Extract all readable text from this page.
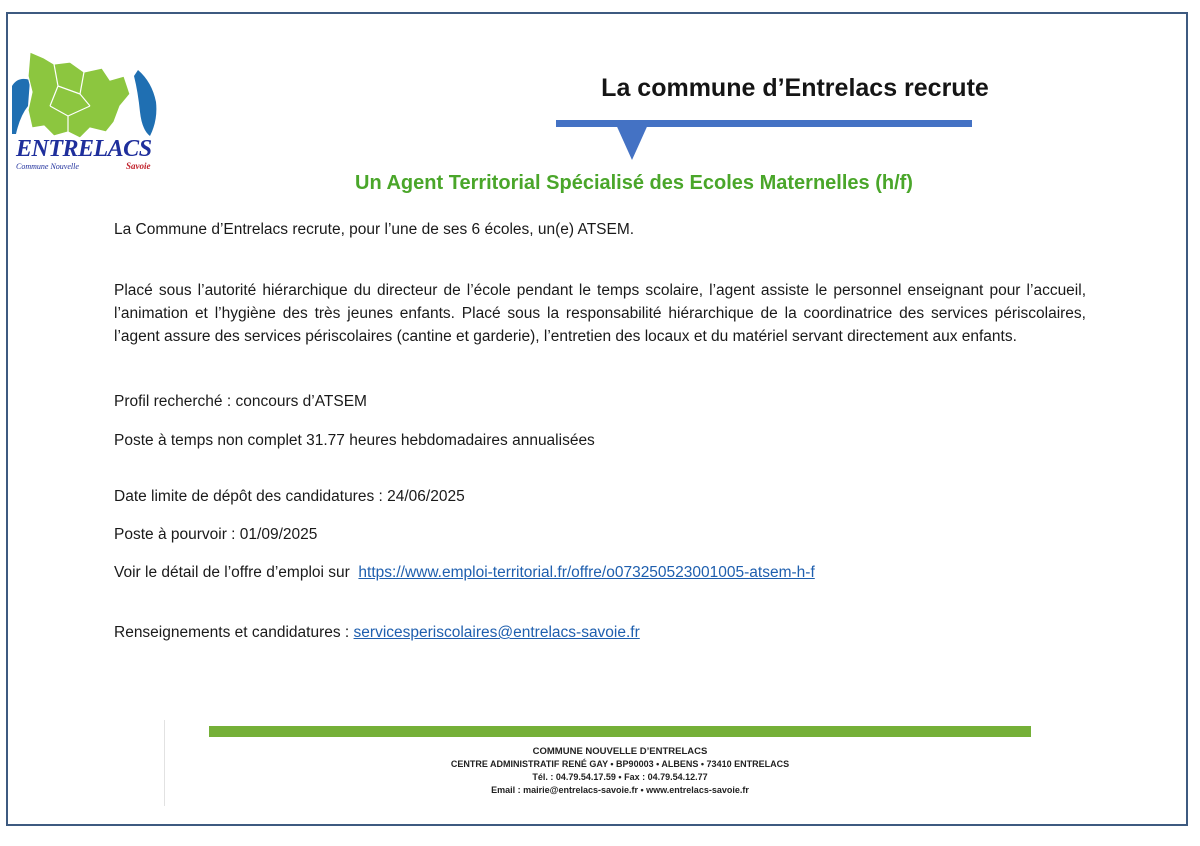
ENTRELACS
Commune Nouvelle	Savoie
La commune d’Entrelacs recrute
Un Agent Territorial Spécialisé des Ecoles Maternelles (h/f)

La Commune d’Entrelacs recrute, pour l’une de ses 6 écoles, un(e) ATSEM.

Placé sous l’autorité hiérarchique du directeur de l’école pendant le temps scolaire, l’agent assiste le personnel enseignant pour l’accueil, l’animation et l’hygiène des très jeunes enfants. Placé sous la responsabilité hiérarchique de la coordinatrice des services périscolaires, l’agent assure des services périscolaires (cantine et garderie), l’entretien des locaux et du matériel servant directement aux enfants.

Profil recherché : concours d’ATSEM

Poste à temps non complet 31.77 heures hebdomadaires annualisées

Date limite de dépôt des candidatures : 24/06/2025

Poste à pourvoir : 01/09/2025

Voir le détail de l’offre d’emploi sur https://www.emploi-territorial.fr/offre/o073250523001005-atsem-h-f

Renseignements et candidatures : servicesperiscolaires@entrelacs-savoie.fr

COMMUNE NOUVELLE D’ENTRELACS
CENTRE ADMINISTRATIF RENÉ GAY • BP90003 • ALBENS • 73410 ENTRELACS
Tél. : 04.79.54.17.59 • Fax : 04.79.54.12.77
Email : mairie@entrelacs-savoie.fr • www.entrelacs-savoie.fr
